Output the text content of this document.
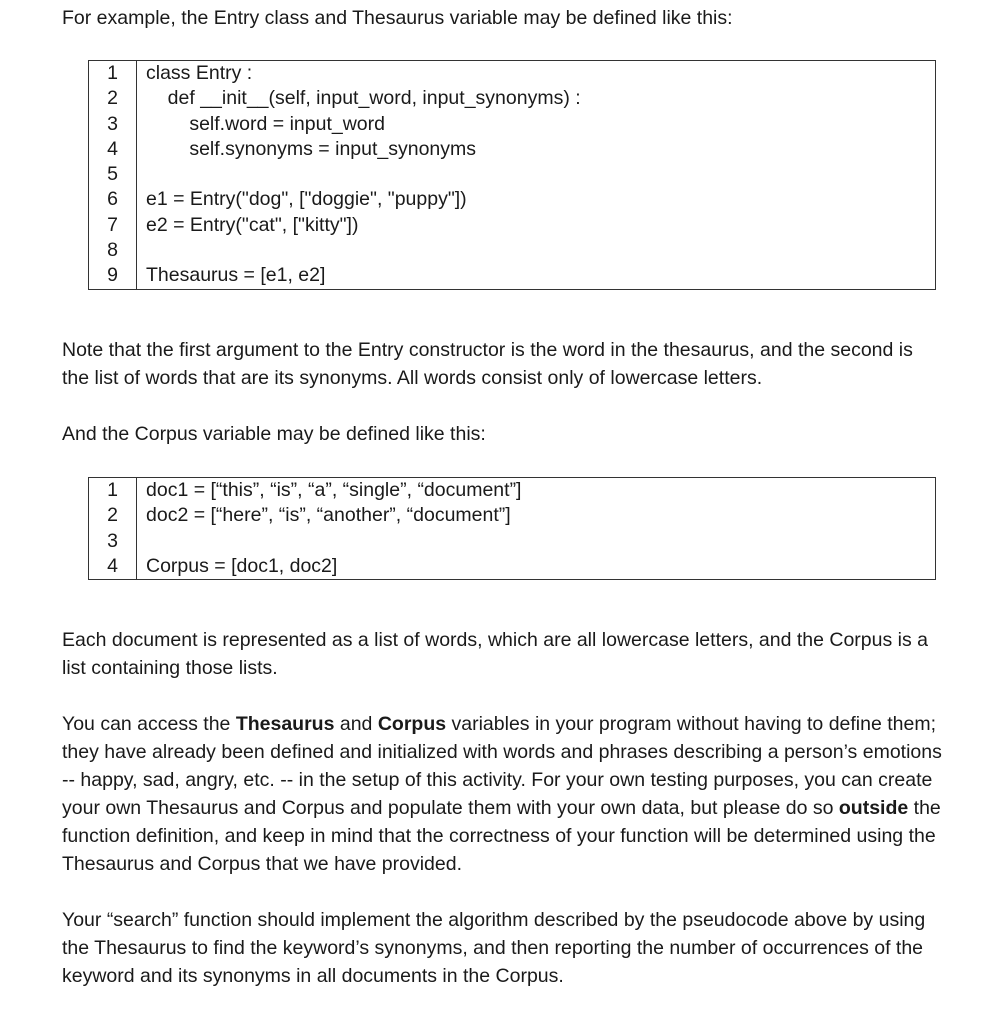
For example, the Entry class and Thesaurus variable may be defined like this:

1
2
3
4
5
6
7
8
9
class Entry :
def __init__(self, input_word, input_synonyms) :
self.word = input_word
self.synonyms = input_synonyms
e1 = Entry("dog", ["doggie", "puppy"])
e2 = Entry("cat", ["kitty"])
Thesaurus = [e1, e2]

Note that the first argument to the Entry constructor is the word in the thesaurus, and the second is the list of words that are its synonyms. All words consist only of lowercase letters.

And the Corpus variable may be defined like this:

1
2
3
4
doc1 = [“this”, “is”, “a”, “single”, “document”]
doc2 = [“here”, “is”, “another”, “document”]
Corpus = [doc1, doc2]

Each document is represented as a list of words, which are all lowercase letters, and the Corpus is a list containing those lists.

You can access the Thesaurus and Corpus variables in your program without having to define them; they have already been defined and initialized with words and phrases describing a person’s emotions -- happy, sad, angry, etc. -- in the setup of this activity. For your own testing purposes, you can create your own Thesaurus and Corpus and populate them with your own data, but please do so outside the function definition, and keep in mind that the correctness of your function will be determined using the Thesaurus and Corpus that we have provided.

Your “search” function should implement the algorithm described by the pseudocode above by using the Thesaurus to find the keyword’s synonyms, and then reporting the number of occurrences of the keyword and its synonyms in all documents in the Corpus.
